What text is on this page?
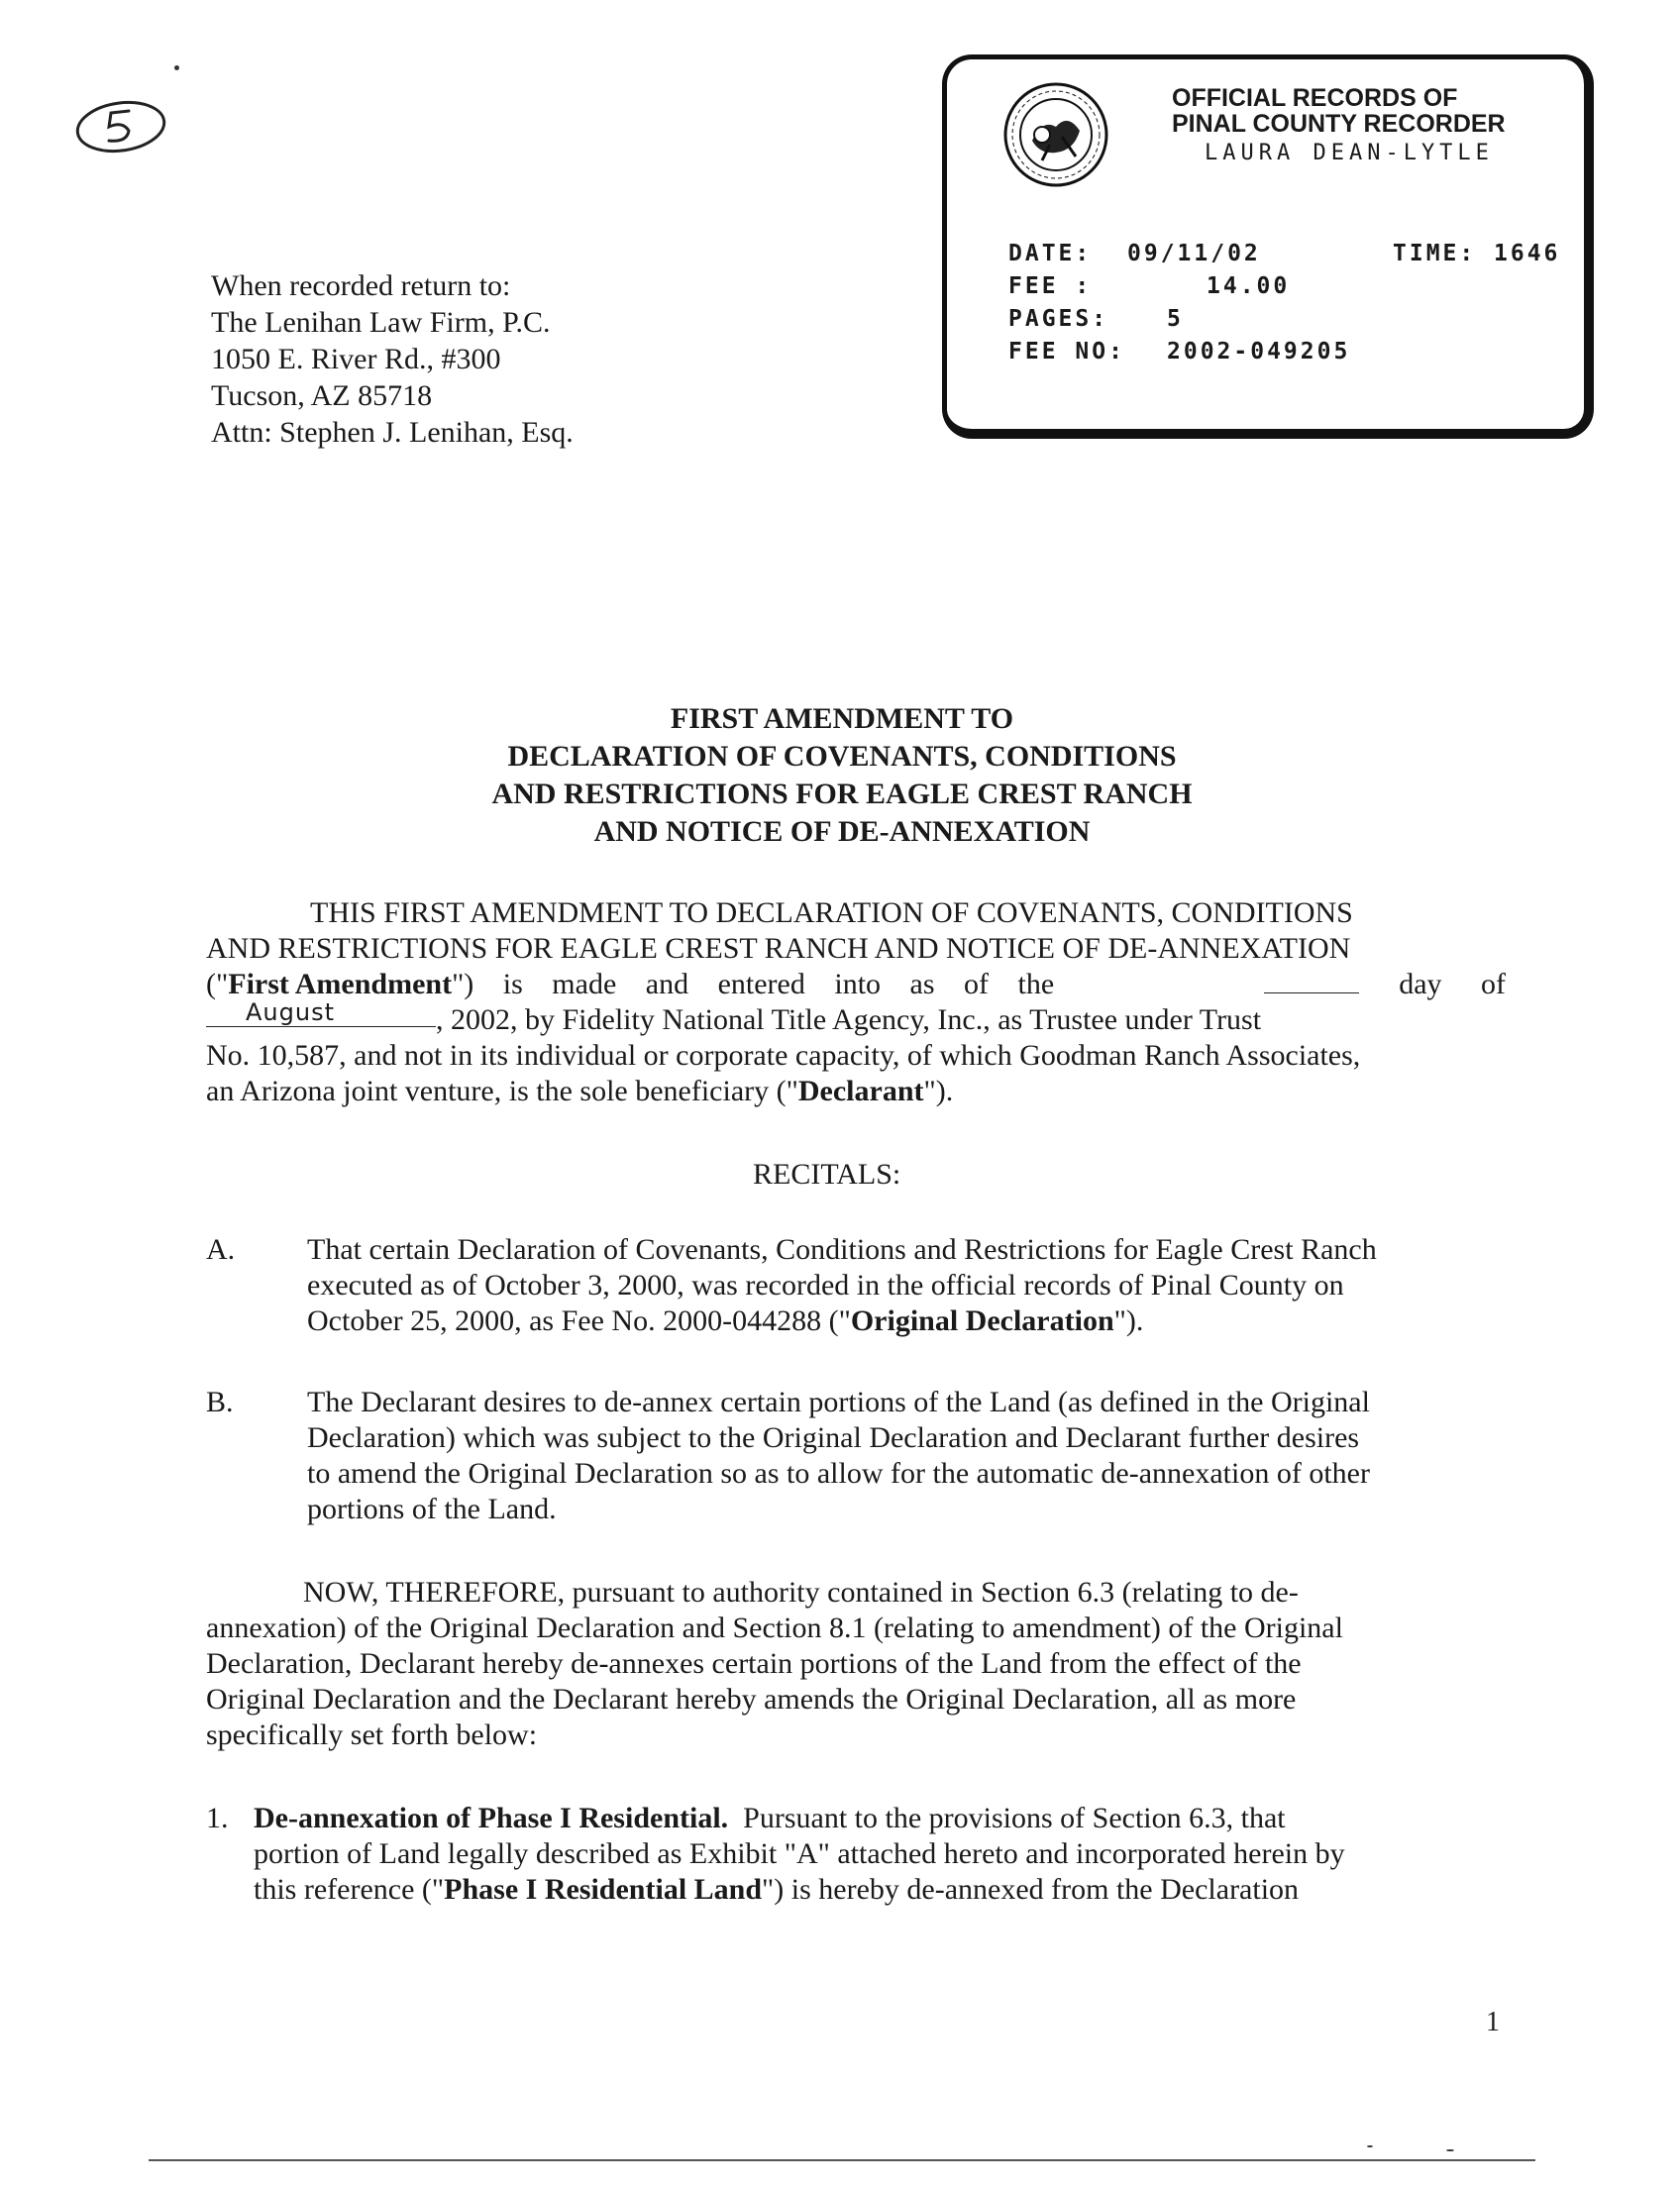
When recorded return to:
The Lenihan Law Firm, P.C.
1050 E. River Rd., #300
Tucson, AZ 85718
Attn: Stephen J. Lenihan, Esq.
OFFICIAL RECORDS OF
PINAL COUNTY RECORDER
LAURA DEAN-LYTLE
DATE: 09/11/02	TIME: 1646
FEE :	14.00
PAGES:	5
FEE NO: 2002-049205
FIRST AMENDMENT TO
DECLARATION OF COVENANTS, CONDITIONS
AND RESTRICTIONS FOR EAGLE CREST RANCH
AND NOTICE OF DE-ANNEXATION
THIS FIRST AMENDMENT TO DECLARATION OF COVENANTS, CONDITIONS
AND RESTRICTIONS FOR EAGLE CREST RANCH AND NOTICE OF DE-ANNEXATION
("First Amendment") is made and entered into as of the	day of
August	, 2002, by Fidelity National Title Agency, Inc., as Trustee under Trust
No. 10,587, and not in its individual or corporate capacity, of which Goodman Ranch Associates,
an Arizona joint venture, is the sole beneficiary ("Declarant").
RECITALS:
A. That certain Declaration of Covenants, Conditions and Restrictions for Eagle Crest Ranch
executed as of October 3, 2000, was recorded in the official records of Pinal County on
October 25, 2000, as Fee No. 2000-044288 ("Original Declaration").
B. The Declarant desires to de-annex certain portions of the Land (as defined in the Original
Declaration) which was subject to the Original Declaration and Declarant further desires
to amend the Original Declaration so as to allow for the automatic de-annexation of other
portions of the Land.
NOW, THEREFORE, pursuant to authority contained in Section 6.3 (relating to de-
annexation) of the Original Declaration and Section 8.1 (relating to amendment) of the Original
Declaration, Declarant hereby de-annexes certain portions of the Land from the effect of the
Original Declaration and the Declarant hereby amends the Original Declaration, all as more
specifically set forth below:
1. De-annexation of Phase I Residential. Pursuant to the provisions of Section 6.3, that
portion of Land legally described as Exhibit "A" attached hereto and incorporated herein by
this reference ("Phase I Residential Land") is hereby de-annexed from the Declaration
1
